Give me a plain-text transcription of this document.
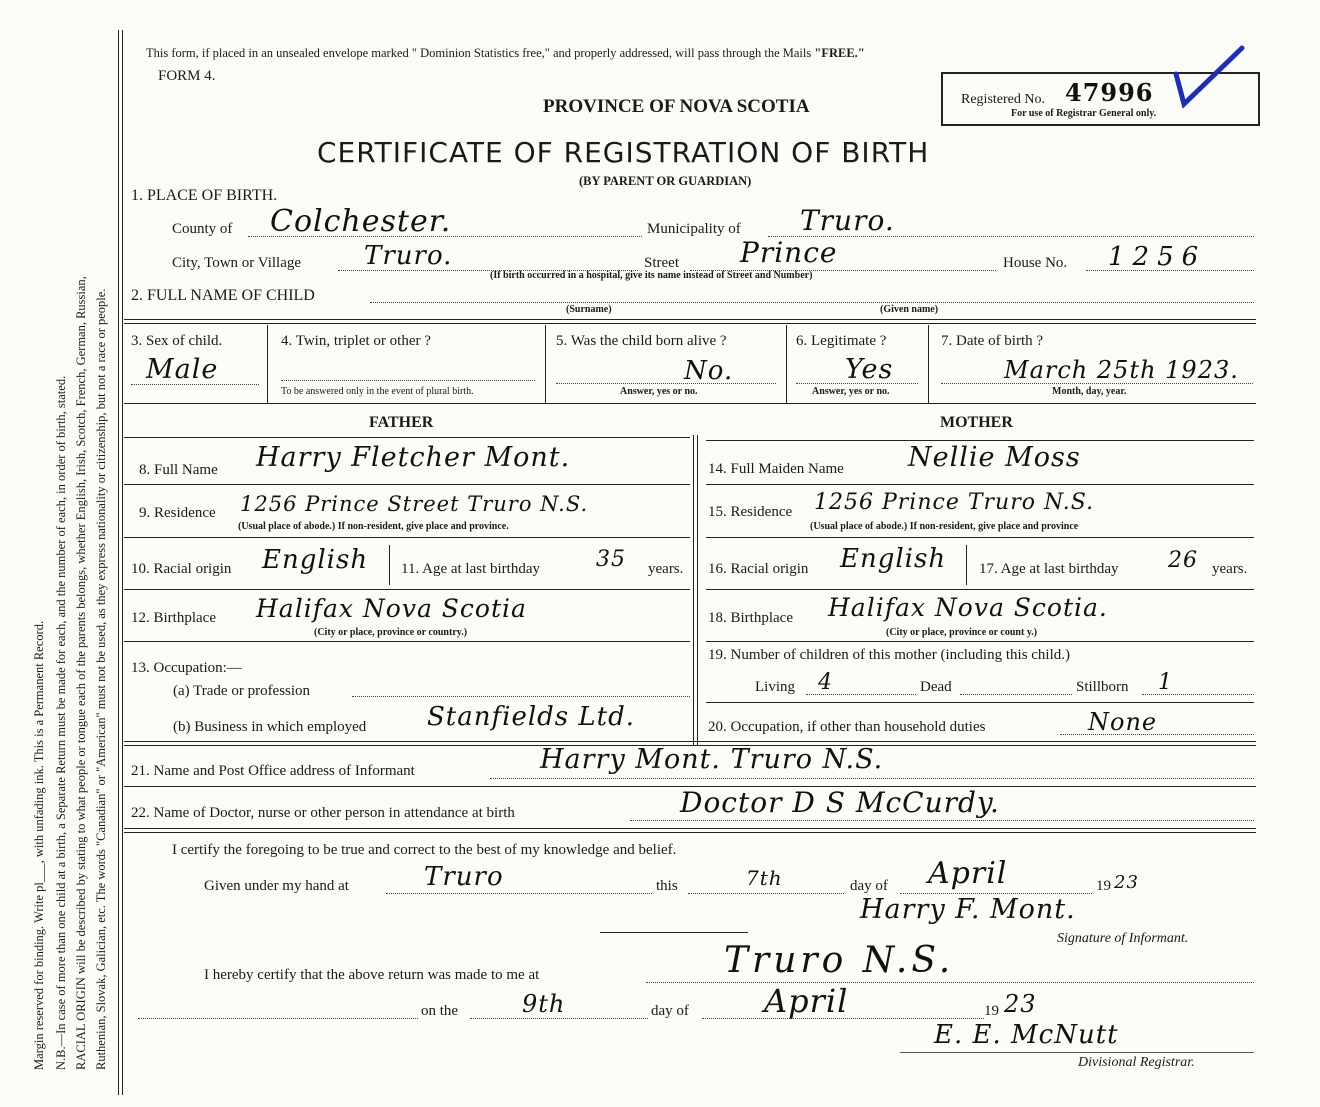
Margin reserved for binding. Write pl___, with unfading ink. This is a Permanent Record. N.B.—In case of more than one child at a birth, a Separate Return must be made for each, and the number of each, in order of birth, stated. RACIAL ORIGIN will be described by stating to what people or tongue each of the parents belongs, whether English, Irish, Scotch, French, German, Russian, Ruthenian, Slovak, Galician, etc. The words "Canadian" or "American" must not be used, as they express nationality or citizenship, but not a race or people.
This form, if placed in an unsealed envelope marked " Dominion Statistics free," and properly addressed, will pass through the Mails "FREE."
FORM 4.
PROVINCE OF NOVA SCOTIA
CERTIFICATE OF REGISTRATION OF BIRTH
(BY PARENT OR GUARDIAN)
Registered No. 47996
For use of Registrar General only.
1. PLACE OF BIRTH.
County of Colchester.	Municipality of Truro.
City, Town or Village Truro.	Street Prince
(If birth occurred in a hospital, give its name instead of Street and Number)
House No. 1256
2. FULL NAME OF CHILD
(Surname)	(Given name)
3. Sex of child.
Male
4. Twin, triplet or other ?
To be answered only in the event of plural birth.
5. Was the child born alive ?
No.
Answer, yes or no.
6. Legitimate ?
Yes
Answer, yes or no.
7. Date of birth ?
March 25th 1923.
Month, day, year.
FATHER	MOTHER
8. Full Name Harry Fletcher Mont.
9. Residence 1256 Prince Street Truro N.S.
(Usual place of abode.) If non-resident, give place and province.
10. Racial origin English 11. Age at last birthday	35 years.
12. Birthplace Halifax Nova Scotia
(City or place, province or country.)
13. Occupation:—
(a) Trade or profession
(b) Business in which employed Stanfields Ltd.
14. Full Maiden Name Nellie Moss
15. Residence 1256 Prince Truro N.S.
(Usual place of abode.) If non-resident, give place and province
16. Racial origin English 17. Age at last birthday 26 years.
18. Birthplace Halifax Nova Scotia.
(City or place, province or count y.)
19. Number of children of this mother (including this child.)
Living 4	Dead	Stillborn 1
20. Occupation, if other than household duties	None
21. Name and Post Office address of Informant	Harry Mont. Truro N.S.
22. Name of Doctor, nurse or other person in attendance at birth	Doctor D S McCurdy.
I certify the foregoing to be true and correct to the best of my knowledge and belief.
Given under my hand at	Truro	this	7th	day of April	19 23
Harry F. Mont.
Signature of Informant.
I hereby certify that the above return was made to me at	Truro N.S.
on the	9th	day of April	19 23
E. E. McNutt
Divisional Registrar.
